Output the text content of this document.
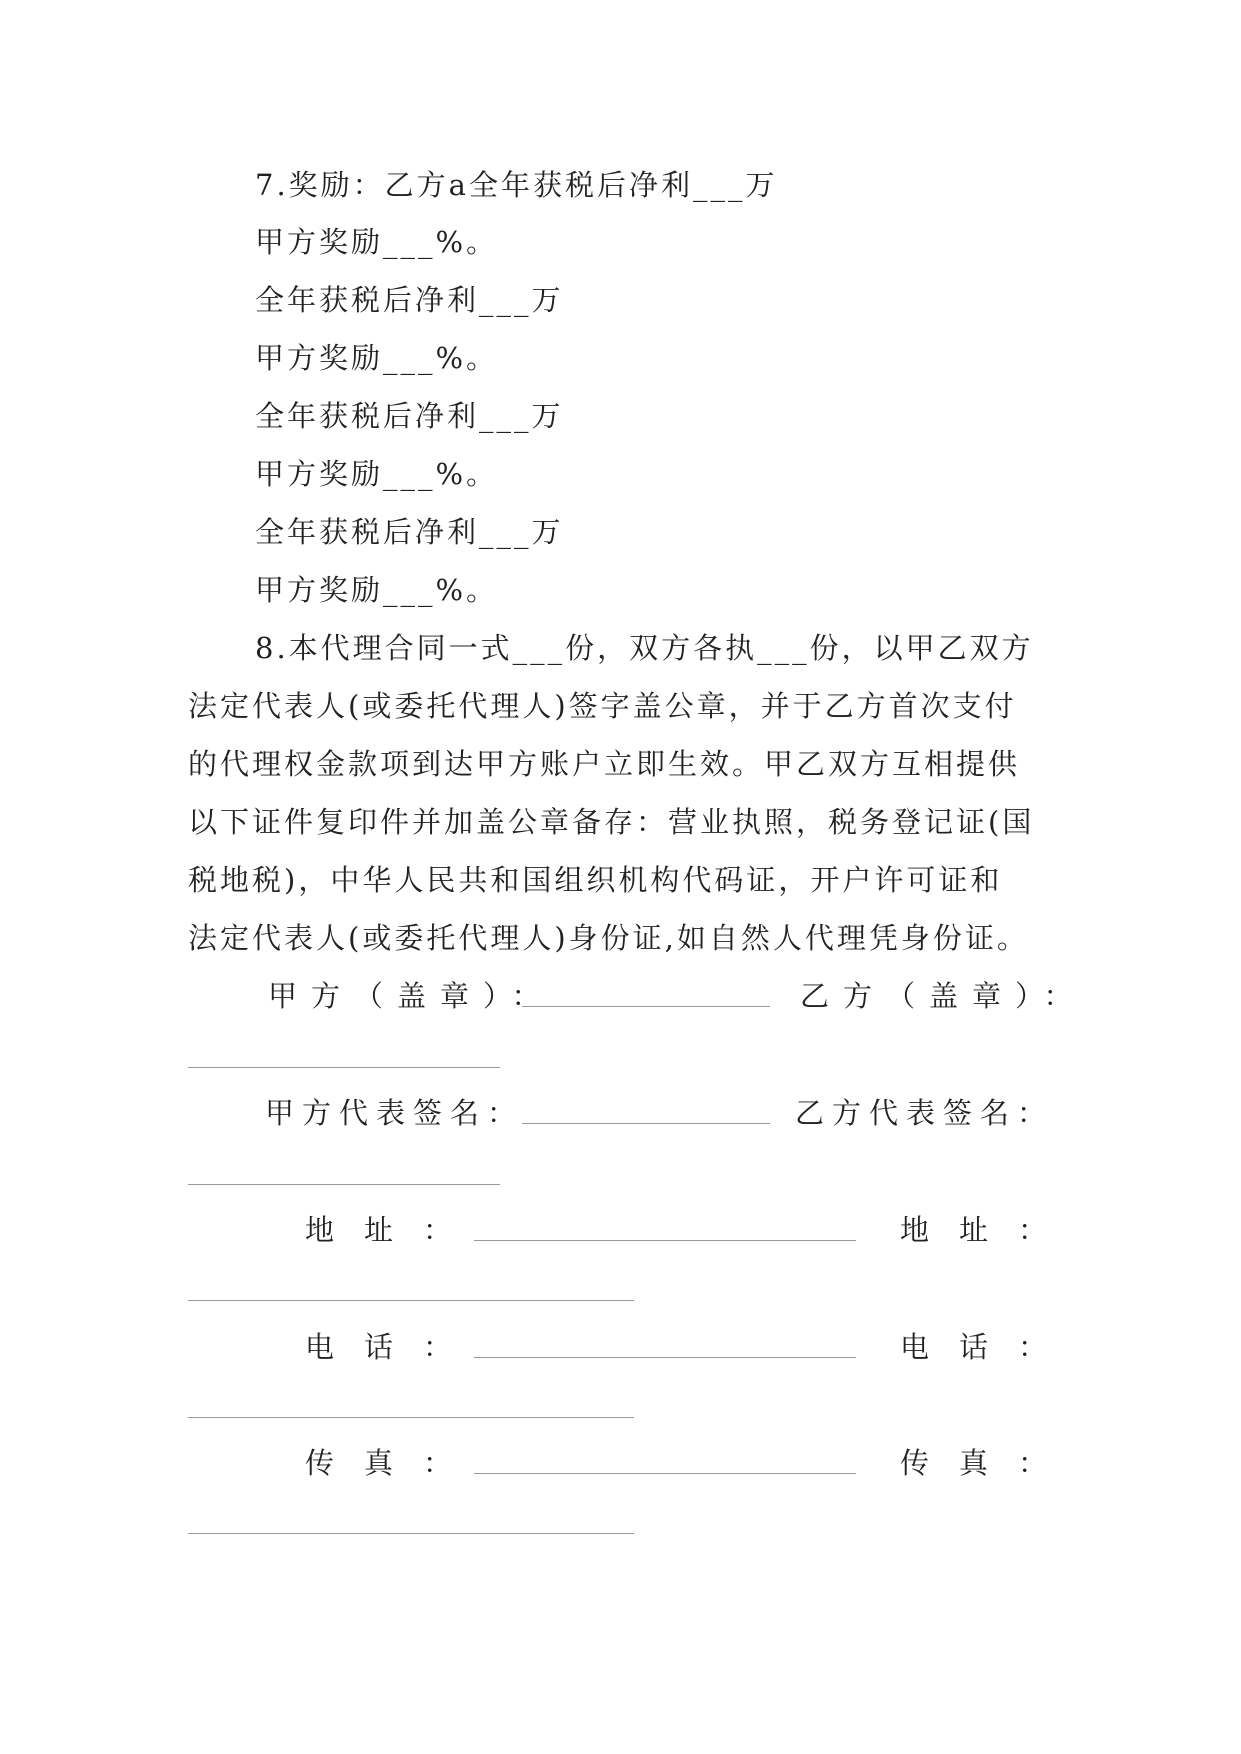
7.奖励：乙方a全年获税后净利___万
甲方奖励___%。
全年获税后净利___万
甲方奖励___%。
全年获税后净利___万
甲方奖励___%。
全年获税后净利___万
甲方奖励___%。
8.本代理合同一式___份，双方各执___份，以甲乙双方
法定代表人(或委托代理人)签字盖公章，并于乙方首次支付
的代理权金款项到达甲方账户立即生效。甲乙双方互相提供
以下证件复印件并加盖公章备存：营业执照，税务登记证(国
税地税)，中华人民共和国组织机构代码证，开户许可证和
法定代表人(或委托代理人)身份证,如自然人代理凭身份证。
甲方（盖章）：	乙方（盖章）：
甲方代表签名：	乙方代表签名：
地址：	地址：
电话：	电话：
传真：	传真：
